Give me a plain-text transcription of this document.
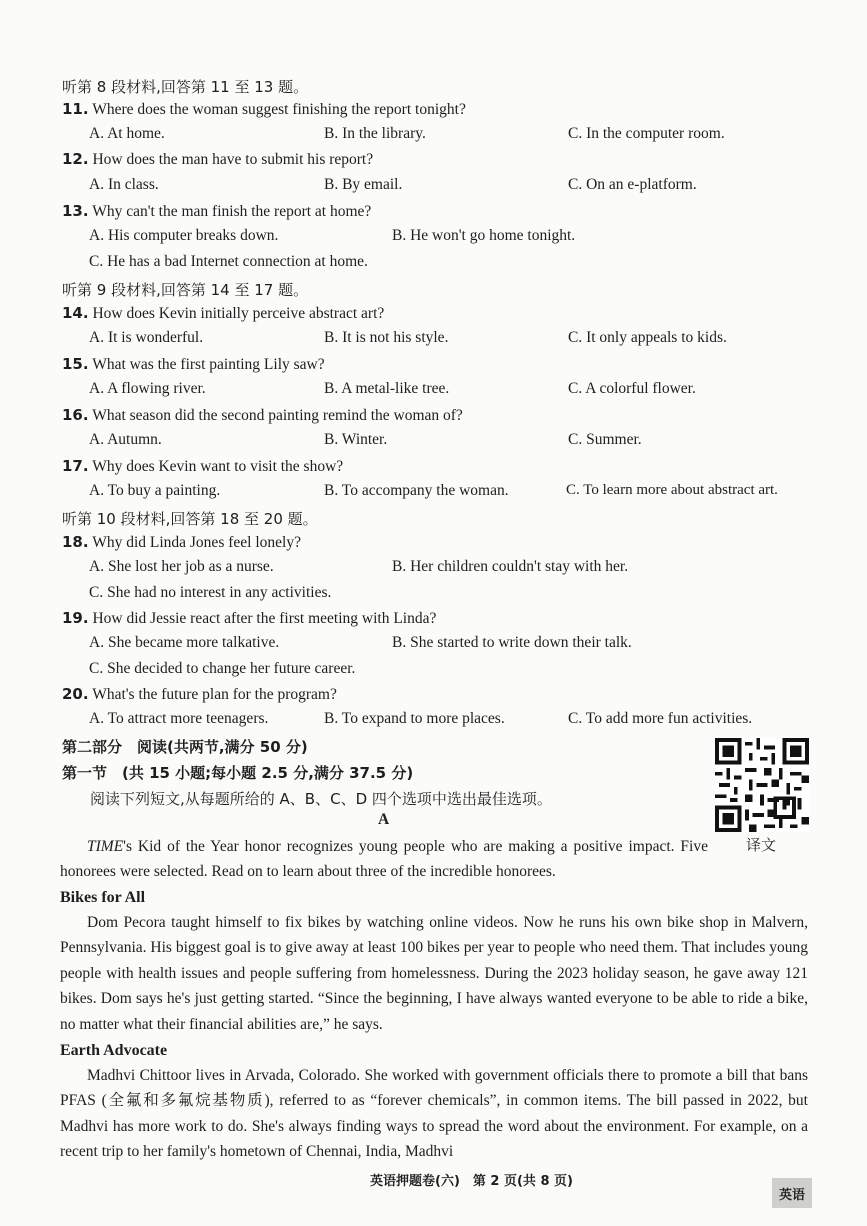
听第 8 段材料,回答第 11 至 13 题。
11. Where does the woman suggest finishing the report tonight?
A. At home.	B. In the library.	C. In the computer room.
12. How does the man have to submit his report?
A. In class.	B. By email.	C. On an e-platform.
13. Why can't the man finish the report at home?
A. His computer breaks down.	B. He won't go home tonight.
C. He has a bad Internet connection at home.
听第 9 段材料,回答第 14 至 17 题。
14. How does Kevin initially perceive abstract art?
A. It is wonderful.	B. It is not his style.	C. It only appeals to kids.
15. What was the first painting Lily saw?
A. A flowing river.	B. A metal-like tree.	C. A colorful flower.
16. What season did the second painting remind the woman of?
A. Autumn.	B. Winter.	C. Summer.
17. Why does Kevin want to visit the show?
A. To buy a painting.	B. To accompany the woman.	C. To learn more about abstract art.
听第 10 段材料,回答第 18 至 20 题。
18. Why did Linda Jones feel lonely?
A. She lost her job as a nurse.	B. Her children couldn't stay with her.
C. She had no interest in any activities.
19. How did Jessie react after the first meeting with Linda?
A. She became more talkative.	B. She started to write down their talk.
C. She decided to change her future career.
20. What's the future plan for the program?
A. To attract more teenagers.	B. To expand to more places.	C. To add more fun activities.
第二部分　阅读(共两节,满分 50 分)
第一节　(共 15 小题;每小题 2.5 分,满分 37.5 分)
阅读下列短文,从每题所给的 A、B、C、D 四个选项中选出最佳选项。
译文
A
TIME's Kid of the Year honor recognizes young people who are making a positive impact. Five honorees were selected. Read on to learn about three of the incredible honorees.
Bikes for All
Dom Pecora taught himself to fix bikes by watching online videos. Now he runs his own bike shop in Malvern, Pennsylvania. His biggest goal is to give away at least 100 bikes per year to people who need them. That includes young people with health issues and people suffering from homelessness. During the 2023 holiday season, he gave away 121 bikes. Dom says he's just getting started. “Since the beginning, I have always wanted everyone to be able to ride a bike, no matter what their financial abilities are,” he says.
Earth Advocate
Madhvi Chittoor lives in Arvada, Colorado. She worked with government officials there to promote a bill that bans PFAS (全氟和多氟烷基物质), referred to as “forever chemicals”, in common items. The bill passed in 2022, but Madhvi has more work to do. She's always finding ways to spread the word about the environment. For example, on a recent trip to her family's hometown of Chennai, India, Madhvi
英语押题卷(六)　第 2 页(共 8 页)
英语
